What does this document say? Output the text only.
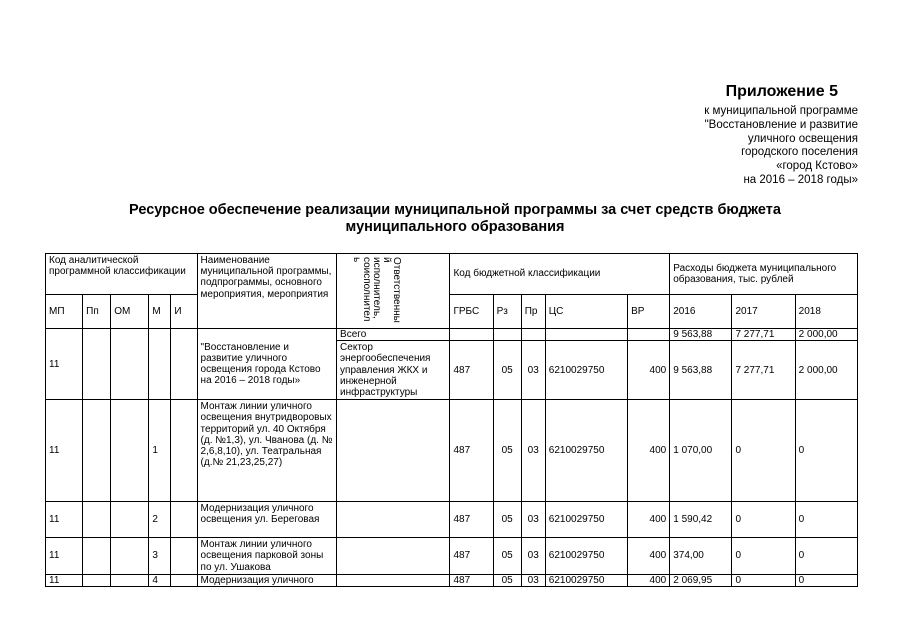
Приложение 5
к муниципальной программе
"Восстановление и развитие
уличного освещения
городского поселения
«город Кстово»
на 2016 – 2018 годы»
Ресурсное обеспечение реализации муниципальной программы за счет средств бюджета
муниципального образования
Код аналитической программной классификации					Наименование муниципальной программы, подпрограммы, основного мероприятия, мероприятия	Ответственны й исполнитель, соисполнител ь	Код бюджетной классификации					Расходы бюджета муниципального образования, тыс. рублей		
МП	Пп	ОМ	М	И			ГРБС	Рз	Пр	ЦС	ВР	2016	2017	2018
11					"Восстановление и развитие уличного освещения города Кстово на 2016 – 2018 годы»	Всего						9 563,88	7 277,71	2 000,00
						Сектор энергообеспечения управления ЖКХ и инженерной инфраструктуры	487	05	03	6210029750	400	9 563,88	7 277,71	2 000,00
11			1		Монтаж линии уличного освещения внутридворовых территорий ул. 40 Октября (д. №1,3), ул. Чванова (д. № 2,6,8,10), ул. Театральная (д.№ 21,23,25,27)		487	05	03	6210029750	400	1 070,00	0	0
11			2		Модернизация уличного освещения ул. Береговая		487	05	03	6210029750	400	1 590,42	0	0
11			3		Монтаж линии уличного освещения парковой зоны по ул. Ушакова		487	05	03	6210029750	400	374,00	0	0
11			4		Модернизация уличного		487	05	03	6210029750	400	2 069,95	0	0
